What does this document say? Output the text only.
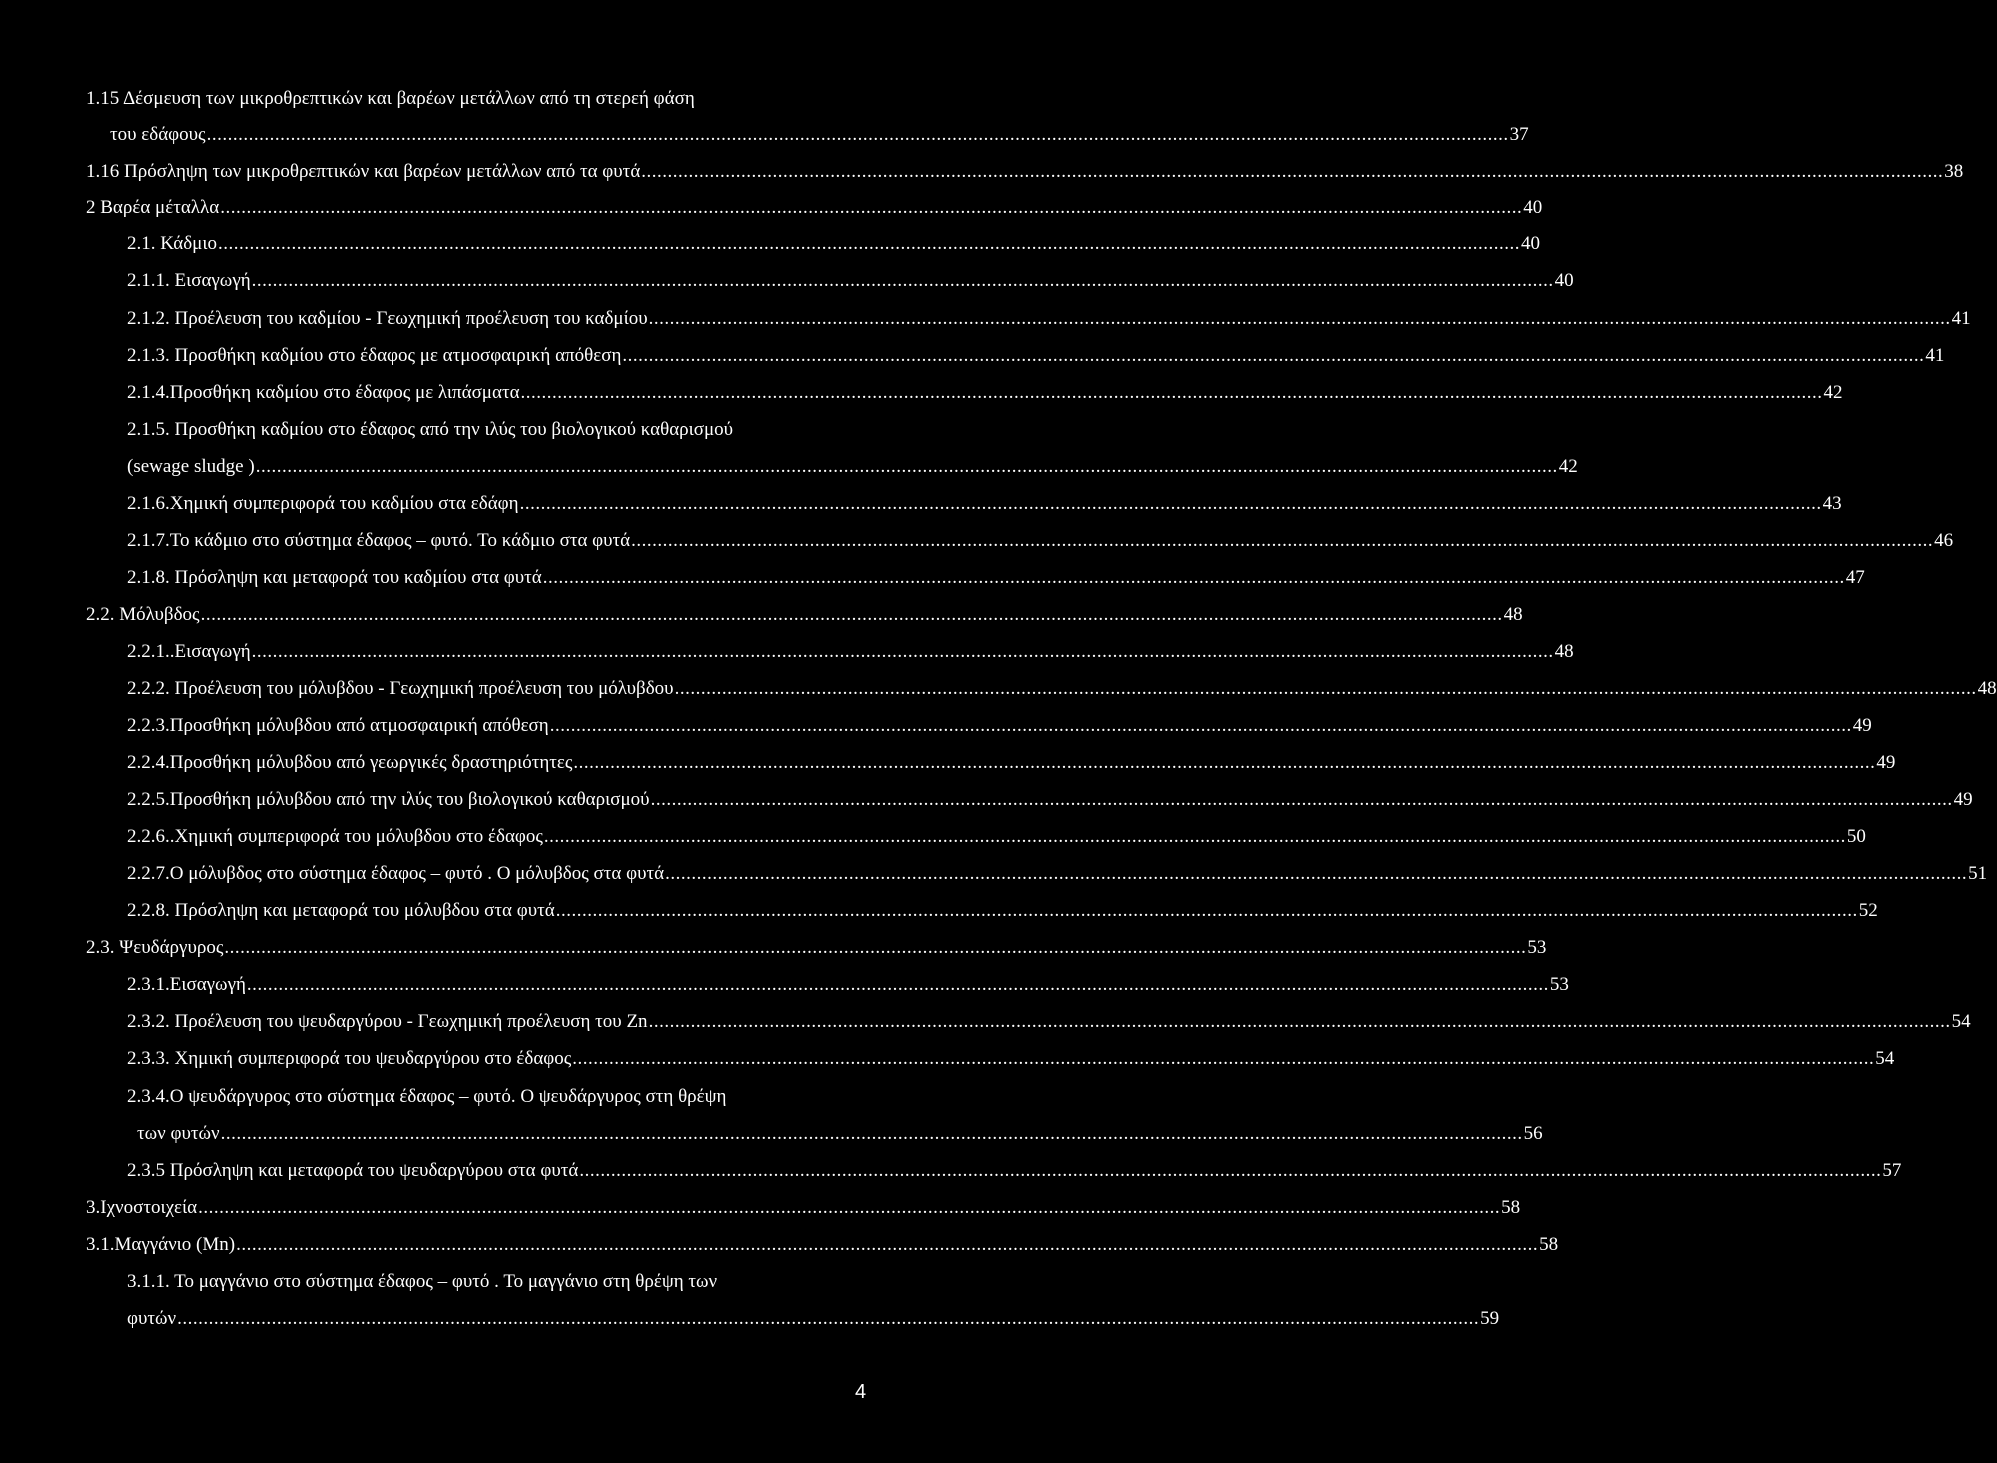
1.15 Δέσμευση των μικροθρεπτικών και βαρέων μετάλλων από τη στερεή φάση
του εδάφους ........................................................................................................................................................................................................................................................ 37
1.16 Πρόσληψη των μικροθρεπτικών και βαρέων μετάλλων από τα φυτά ........................................................................................................................................................................................................................................................ 38
2 Βαρέα μέταλλα ........................................................................................................................................................................................................................................................ 40
2.1. Κάδμιο ........................................................................................................................................................................................................................................................ 40
2.1.1. Εισαγωγή ........................................................................................................................................................................................................................................................ 40
2.1.2. Προέλευση του καδμίου - Γεωχημική προέλευση του καδμίου ........................................................................................................................................................................................................................................................ 41
2.1.3. Προσθήκη καδμίου στο έδαφος με ατμοσφαιρική απόθεση ........................................................................................................................................................................................................................................................ 41
2.1.4.Προσθήκη καδμίου στο έδαφος με λιπάσματα ........................................................................................................................................................................................................................................................ 42
2.1.5. Προσθήκη καδμίου στο έδαφος από την ιλύς του βιολογικού καθαρισμού
(sewage sludge ) ........................................................................................................................................................................................................................................................ 42
2.1.6.Χημική συμπεριφορά του καδμίου στα εδάφη ........................................................................................................................................................................................................................................................ 43
2.1.7.Το κάδμιο στο σύστημα έδαφος – φυτό. Το κάδμιο στα φυτά ........................................................................................................................................................................................................................................................ 46
2.1.8. Πρόσληψη και μεταφορά του καδμίου στα φυτά ........................................................................................................................................................................................................................................................ 47
2.2. Μόλυβδος ........................................................................................................................................................................................................................................................ 48
2.2.1..Εισαγωγή ........................................................................................................................................................................................................................................................ 48
2.2.2. Προέλευση του μόλυβδου - Γεωχημική προέλευση του μόλυβδου ........................................................................................................................................................................................................................................................ 48
2.2.3.Προσθήκη μόλυβδου από ατμοσφαιρική απόθεση ........................................................................................................................................................................................................................................................ 49
2.2.4.Προσθήκη μόλυβδου από γεωργικές δραστηριότητες ........................................................................................................................................................................................................................................................ 49
2.2.5.Προσθήκη μόλυβδου από την ιλύς του βιολογικού καθαρισμού ........................................................................................................................................................................................................................................................ 49
2.2.6..Χημική συμπεριφορά του μόλυβδου στο έδαφος ........................................................................................................................................................................................................................................................ 50
2.2.7.Ο μόλυβδος στο σύστημα έδαφος – φυτό . Ο μόλυβδος στα φυτά ........................................................................................................................................................................................................................................................ 51
2.2.8. Πρόσληψη και μεταφορά του μόλυβδου στα φυτά ........................................................................................................................................................................................................................................................ 52
2.3. Ψευδάργυρος ........................................................................................................................................................................................................................................................ 53
2.3.1.Εισαγωγή ........................................................................................................................................................................................................................................................ 53
2.3.2. Προέλευση του ψευδαργύρου - Γεωχημική προέλευση του Zn ........................................................................................................................................................................................................................................................ 54
2.3.3. Χημική συμπεριφορά του ψευδαργύρου στο έδαφος ........................................................................................................................................................................................................................................................ 54
2.3.4.Ο ψευδάργυρος στο σύστημα έδαφος – φυτό. Ο ψευδάργυρος στη θρέψη
των φυτών ........................................................................................................................................................................................................................................................ 56
2.3.5 Πρόσληψη και μεταφορά του ψευδαργύρου στα φυτά ........................................................................................................................................................................................................................................................ 57
3.Ιχνοστοιχεία ........................................................................................................................................................................................................................................................ 58
3.1.Μαγγάνιο (Mn) ........................................................................................................................................................................................................................................................ 58
3.1.1. Το μαγγάνιο στο σύστημα έδαφος – φυτό . Το μαγγάνιο στη θρέψη των
φυτών ........................................................................................................................................................................................................................................................ 59
4
